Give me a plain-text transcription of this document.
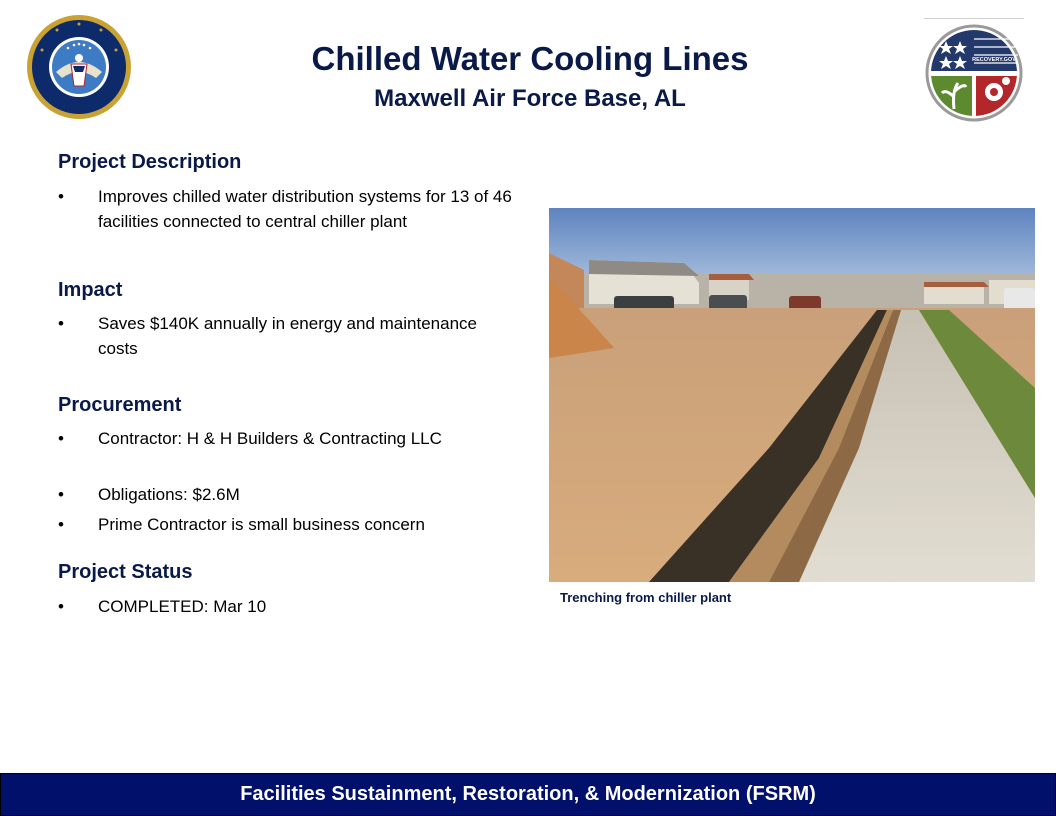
RECOVERY.GOV
Chilled Water Cooling Lines
Maxwell Air Force Base, AL
Project Description
• Improves chilled water distribution systems for 13 of 46 facilities connected to central chiller plant
Impact
• Saves $140K annually in energy and maintenance costs
Procurement
• Contractor: H & H Builders & Contracting LLC
• Obligations: $2.6M
• Prime Contractor is small business concern
Project Status
• COMPLETED: Mar 10	Trenching from chiller plant
Facilities Sustainment, Restoration, & Modernization (FSRM)
